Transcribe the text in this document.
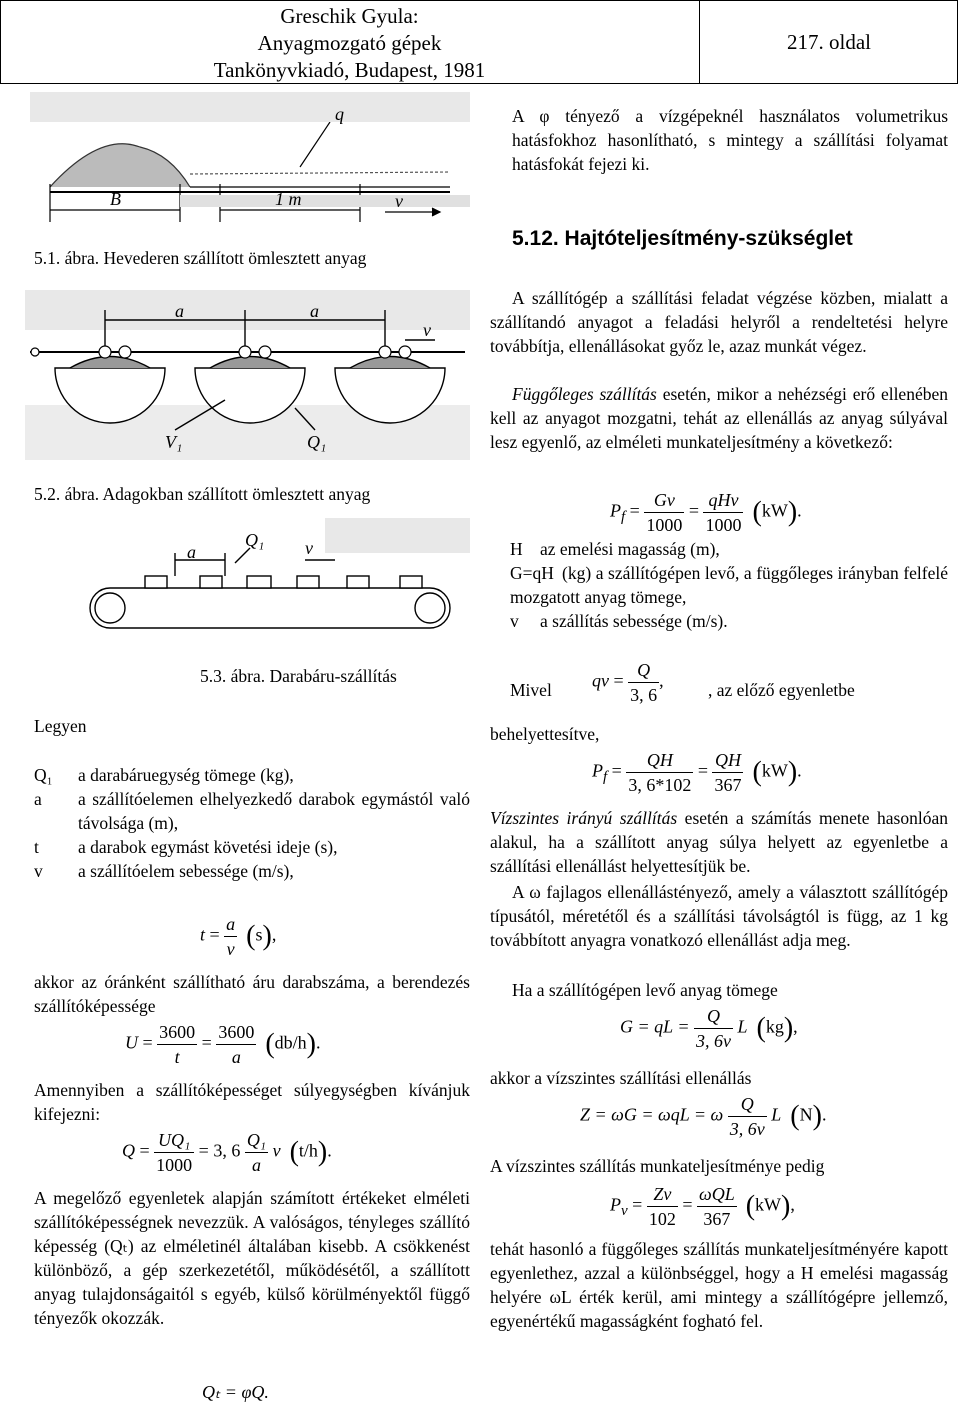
Greschik Gyula:
Anyagmozgató gépek
Tankönyvkiadó, Budapest, 1981
217. oldal
q
B	1 m	v
5.1. ábra. Hevederen szállított ömlesztett anyag
a	a
v
V₁	Q₁
5.2. ábra. Adagokban szállított ömlesztett anyag
a
Q₁ v
5.3. ábra. Darabáru-szállítás
A φ tényező a vízgépeknél használatos volumetrikus hatásfokhoz hasonlítható, s mintegy a szállítási folyamat hatásfokát fejezi ki.
5.12. Hajtóteljesítmény-szükséglet
A szállítógép a szállítási feladat végzése közben, mialatt a szállítandó anyagot a feladási helyről a rendeltetési helyre továbbítja, ellenállásokat győz le, azaz munkát végez.
Függőleges szállítás esetén, mikor a nehézségi erő ellenében kell az anyagot mozgatni, tehát az ellenállás az anyag súlyával lesz egyenlő, az elméleti munkateljesítmény a következő:
$P_f = \frac{Gv}{1000} = \frac{\text{qHv}}{1000} (kW)$.
H az emelési magasság (m),
G=qH (kg) a szállítógépen levő, a függőleges irányban felfelé mozgatott anyag tömege,
v a szállítás sebessége (m/s).
Legyen
Q₁ a darabáruegység tömege (kg),
a a szállítóelemen elhelyezkedő darabok egymástól való távolsága (m),
t a darabok egymást követési ideje (s),
v a szállítóelem sebessége (m/s),
$t = \frac{a}{v} (s)$,
akkor az óránként szállítható áru darabszáma, a berendezés szállítóképessége
$U = \frac{3600}{t} = \frac{3600}{a} (db/h)$.
Amennyiben a szállítóképességet súlyegységben kívánjuk kifejezni:
$Q = \frac{\text{UQ₁}}{1000} = 3$, $6 \frac{\text{Q₁}}{a}$ v (t/h).
A megelőző egyenletek alapján számított értékeket elméleti szállítóképességnek nevezzük. A valóságos, tényleges szállító képesség (Qₜ) az elméletinél általában kisebb. A csökkenést különböző, a gép szerkezetétől, működésétől, a szállított anyag tulajdonságaitól s egyéb, külső körülményektől függő tényezők okozzák.
Qₜ = φQ.
Mivel qv = $\frac{Q}{3, 6}$ ,	, az előző egyenletbe
behelyettesítve,
$P_f = \frac{QH}{3, 6*102} = \frac{QH}{367} (kW)$.
Vízszintes irányú szállítás esetén a számítás menete hasonlóan alakul, ha a szállított anyag súlya helyett az egyenletbe a szállítási ellenállást helyettesítjük be.
A ω fajlagos ellenállástényező, amely a választott szállítógép típusától, méretétől és a szállítási távolságtól is függ, az 1 kg továbbított anyagra vonatkozó ellenállást adja meg.
Ha a szállítógépen levő anyag tömege
G = qL = $\frac{Q}{3, 6v}$ L (kg),
akkor a vízszintes szállítási ellenállás
Z = ωG = ωqL = ω $\frac{Q}{3, 6v}$ L (N).
A vízszintes szállítás munkateljesítménye pedig
$P_v = \frac{Zv}{102} = \frac{\text{ωQL}}{367} (kW)$,
tehát hasonló a függőleges szállítás munkateljesítményére kapott egyenlethez, azzal a különbséggel, hogy a H emelési magasság helyére ωL érték kerül, ami mintegy a szállítógépre jellemző, egyenértékű magasságként fogható fel.
